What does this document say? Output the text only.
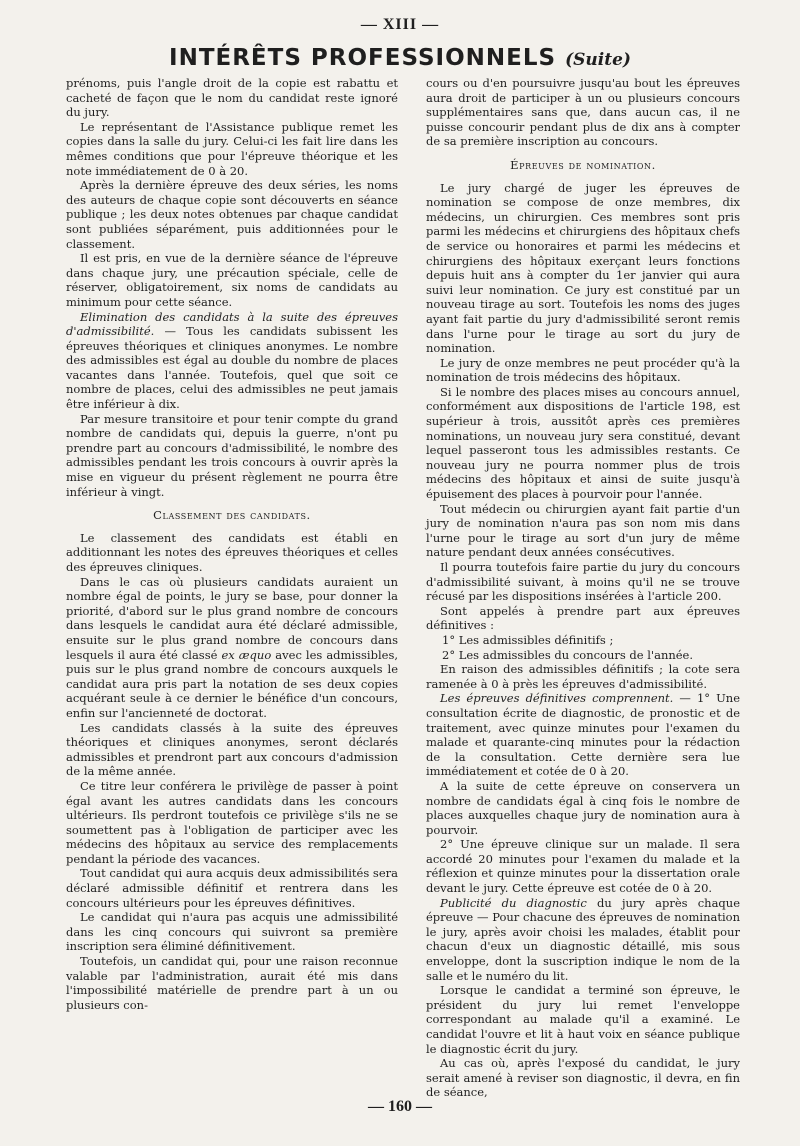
— XIII —
INTÉRÊTS PROFESSIONNELS (Suite)

prénoms, puis l'angle droit de la copie est rabattu et cacheté de façon que le nom du candidat reste ignoré du jury.

Le représentant de l'Assistance publique remet les copies dans la salle du jury. Celui-ci les fait lire dans les mêmes conditions que pour l'épreuve théorique et les note immédiatement de 0 à 20.

Après la dernière épreuve des deux séries, les noms des auteurs de chaque copie sont découverts en séance publique ; les deux notes obtenues par chaque candidat sont publiées séparément, puis additionnées pour le classement.

Il est pris, en vue de la dernière séance de l'épreuve dans chaque jury, une précaution spéciale, celle de réserver, obligatoirement, six noms de candidats au minimum pour cette séance.

Elimination des candidats à la suite des épreuves d'admissibilité. — Tous les candidats subissent les épreuves théoriques et cliniques anonymes. Le nombre des admissibles est égal au double du nombre de places vacantes dans l'année. Toutefois, quel que soit ce nombre de places, celui des admissibles ne peut jamais être inférieur à dix.

Par mesure transitoire et pour tenir compte du grand nombre de candidats qui, depuis la guerre, n'ont pu prendre part au concours d'admissibilité, le nombre des admissibles pendant les trois concours à ouvrir après la mise en vigueur du présent règlement ne pourra être inférieur à vingt.

Classement des candidats.

Le classement des candidats est établi en additionnant les notes des épreuves théoriques et celles des épreuves cliniques.

Dans le cas où plusieurs candidats auraient un nombre égal de points, le jury se base, pour donner la priorité, d'abord sur le plus grand nombre de concours dans lesquels le candidat aura été déclaré admissible, ensuite sur le plus grand nombre de concours dans lesquels il aura été classé ex æquo avec les admissibles, puis sur le plus grand nombre de concours auxquels le candidat aura pris part la notation de ses deux copies acquérant seule à ce dernier le bénéfice d'un concours, enfin sur l'ancienneté de doctorat.

Les candidats classés à la suite des épreuves théoriques et cliniques anonymes, seront déclarés admissibles et prendront part aux concours d'admission de la même année.

Ce titre leur conférera le privilège de passer à point égal avant les autres candidats dans les concours ultérieurs. Ils perdront toutefois ce privilège s'ils ne se soumettent pas à l'obligation de participer avec les médecins des hôpitaux au service des remplacements pendant la période des vacances.

Tout candidat qui aura acquis deux admissibilités sera déclaré admissible définitif et rentrera dans les concours ultérieurs pour les épreuves définitives.

Le candidat qui n'aura pas acquis une admissibilité dans les cinq concours qui suivront sa première inscription sera éliminé définitivement.

Toutefois, un candidat qui, pour une raison reconnue valable par l'administration, aurait été mis dans l'impossibilité matérielle de prendre part à un ou plusieurs con-

cours ou d'en poursuivre jusqu'au bout les épreuves aura droit de participer à un ou plusieurs concours supplémentaires sans que, dans aucun cas, il ne puisse concourir pendant plus de dix ans à compter de sa première inscription au concours.

Épreuves de nomination.

Le jury chargé de juger les épreuves de nomination se compose de onze membres, dix médecins, un chirurgien. Ces membres sont pris parmi les médecins et chirurgiens des hôpitaux chefs de service ou honoraires et parmi les médecins et chirurgiens des hôpitaux exerçant leurs fonctions depuis huit ans à compter du 1er janvier qui aura suivi leur nomination. Ce jury est constitué par un nouveau tirage au sort. Toutefois les noms des juges ayant fait partie du jury d'admissibilité seront remis dans l'urne pour le tirage au sort du jury de nomination.

Le jury de onze membres ne peut procéder qu'à la nomination de trois médecins des hôpitaux.

Si le nombre des places mises au concours annuel, conformément aux dispositions de l'article 198, est supérieur à trois, aussitôt après ces premières nominations, un nouveau jury sera constitué, devant lequel passeront tous les admissibles restants. Ce nouveau jury ne pourra nommer plus de trois médecins des hôpitaux et ainsi de suite jusqu'à épuisement des places à pourvoir pour l'année.

Tout médecin ou chirurgien ayant fait partie d'un jury de nomination n'aura pas son nom mis dans l'urne pour le tirage au sort d'un jury de même nature pendant deux années consécutives.

Il pourra toutefois faire partie du jury du concours d'admissibilité suivant, à moins qu'il ne se trouve récusé par les dispositions insérées à l'article 200.

Sont appelés à prendre part aux épreuves définitives :

1° Les admissibles définitifs ;

2° Les admissibles du concours de l'année.

En raison des admissibles définitifs ; la cote sera ramenée à 0 à près les épreuves d'admissibilité.

Les épreuves définitives comprennent. — 1° Une consultation écrite de diagnostic, de pronostic et de traitement, avec quinze minutes pour l'examen du malade et quarante-cinq minutes pour la rédaction de la consultation. Cette dernière sera lue immédiatement et cotée de 0 à 20.

A la suite de cette épreuve on conservera un nombre de candidats égal à cinq fois le nombre de places auxquelles chaque jury de nomination aura à pourvoir.

2° Une épreuve clinique sur un malade. Il sera accordé 20 minutes pour l'examen du malade et la réflexion et quinze minutes pour la dissertation orale devant le jury. Cette épreuve est cotée de 0 à 20.

Publicité du diagnostic du jury après chaque épreuve — Pour chacune des épreuves de nomination le jury, après avoir choisi les malades, établit pour chacun d'eux un diagnostic détaillé, mis sous enveloppe, dont la suscription indique le nom de la salle et le numéro du lit.

Lorsque le candidat a terminé son épreuve, le président du jury lui remet l'enveloppe correspondant au malade qu'il a examiné. Le candidat l'ouvre et lit à haut voix en séance publique le diagnostic écrit du jury.

Au cas où, après l'exposé du candidat, le jury serait amené à reviser son diagnostic, il devra, en fin de séance,

— 160 —
